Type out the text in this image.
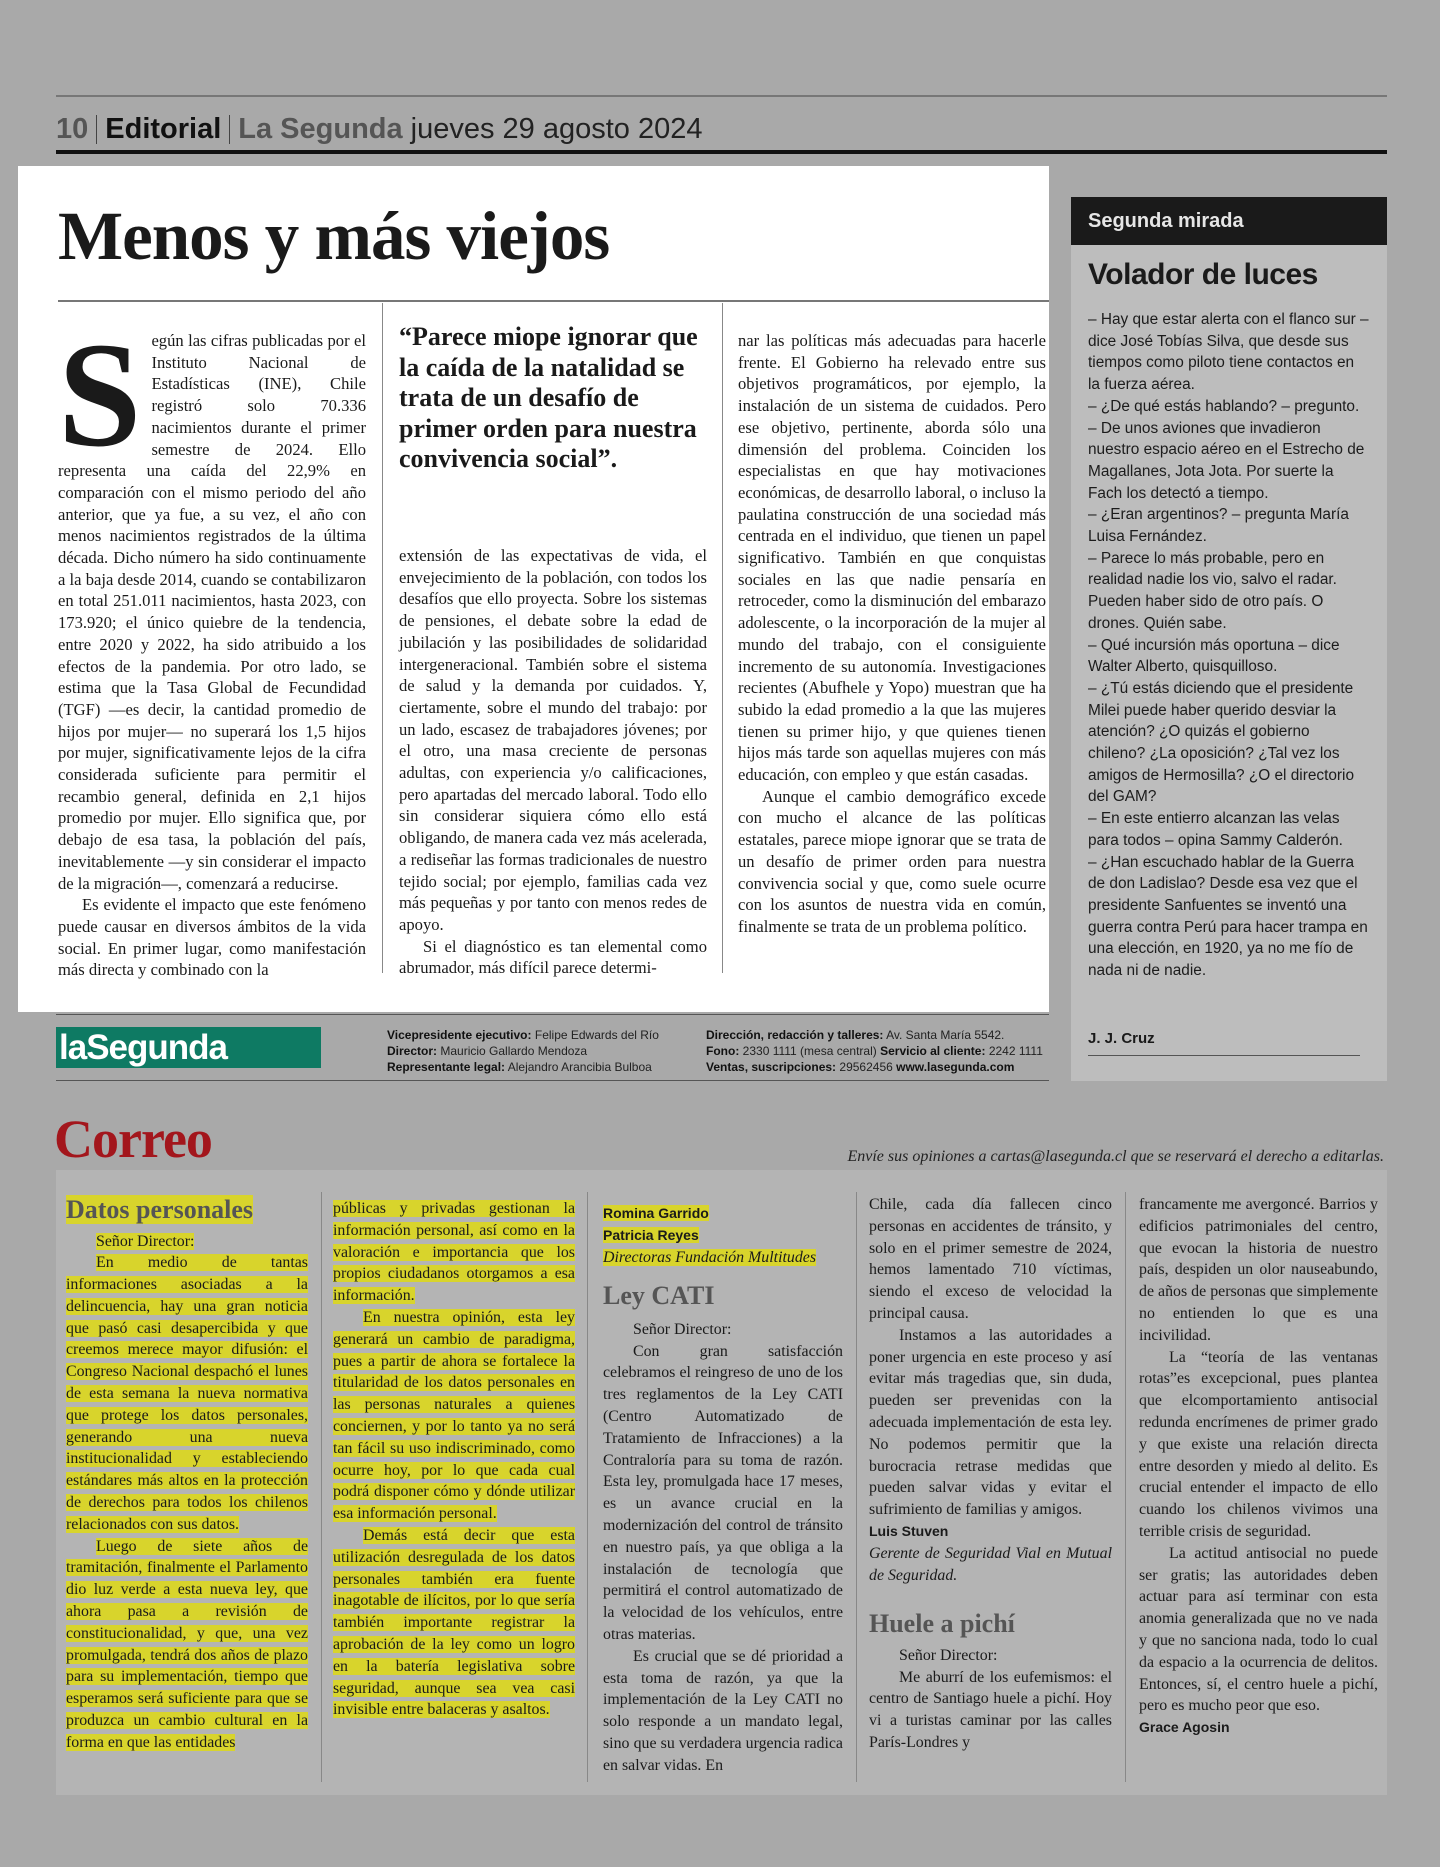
10 Editorial La Segunda jueves 29 agosto 2024
Menos y más viejos
S egún las cifras publicadas por el Instituto Nacional de Estadísticas (INE), Chile registró solo 70.336 nacimientos durante el primer semestre de 2024. Ello representa una caída del 22,9% en comparación con el mismo periodo del año anterior, que ya fue, a su vez, el año con menos nacimientos registrados de la última década. Dicho número ha sido continuamente a la baja desde 2014, cuando se contabilizaron en total 251.011 nacimientos, hasta 2023, con 173.920; el único quiebre de la tendencia, entre 2020 y 2022, ha sido atribuido a los efectos de la pandemia. Por otro lado, se estima que la Tasa Global de Fecundidad (TGF) —es decir, la cantidad promedio de hijos por mujer— no superará los 1,5 hijos por mujer, significativamente lejos de la cifra considerada suficiente para permitir el recambio general, definida en 2,1 hijos promedio por mujer. Ello significa que, por debajo de esa tasa, la población del país, inevitablemente —y sin considerar el impacto de la migración—, comenzará a reducirse.

Es evidente el impacto que este fenómeno puede causar en diversos ámbitos de la vida social. En primer lugar, como manifestación más directa y combinado con la

“Parece miope ignorar que la caída de la natalidad se trata de un desafío de primer orden para nuestra convivencia social”.

extensión de las expectativas de vida, el envejecimiento de la población, con todos los desafíos que ello proyecta. Sobre los sistemas de pensiones, el debate sobre la edad de jubilación y las posibilidades de solidaridad intergeneracional. También sobre el sistema de salud y la demanda por cuidados. Y, ciertamente, sobre el mundo del trabajo: por un lado, escasez de trabajadores jóvenes; por el otro, una masa creciente de personas adultas, con experiencia y/o calificaciones, pero apartadas del mercado laboral. Todo ello sin considerar siquiera cómo ello está obligando, de manera cada vez más acelerada, a rediseñar las formas tradicionales de nuestro tejido social; por ejemplo, familias cada vez más pequeñas y por tanto con menos redes de apoyo.

Si el diagnóstico es tan elemental como abrumador, más difícil parece determi-

nar las políticas más adecuadas para hacerle frente. El Gobierno ha relevado entre sus objetivos programáticos, por ejemplo, la instalación de un sistema de cuidados. Pero ese objetivo, pertinente, aborda sólo una dimensión del problema. Coinciden los especialistas en que hay motivaciones económicas, de desarrollo laboral, o incluso la paulatina construcción de una sociedad más centrada en el individuo, que tienen un papel significativo. También en que conquistas sociales en las que nadie pensaría en retroceder, como la disminución del embarazo adolescente, o la incorporación de la mujer al mundo del trabajo, con el consiguiente incremento de su autonomía. Investigaciones recientes (Abufhele y Yopo) muestran que ha subido la edad promedio a la que las mujeres tienen su primer hijo, y que quienes tienen hijos más tarde son aquellas mujeres con más educación, con empleo y que están casadas.

Aunque el cambio demográfico excede con mucho el alcance de las políticas estatales, parece miope ignorar que se trata de un desafío de primer orden para nuestra convivencia social y que, como suele ocurre con los asuntos de nuestra vida en común, finalmente se trata de un problema político.

laSegunda	Vicepresidente ejecutivo: Felipe Edwards del Río
Director: Mauricio Gallardo Mendoza
Representante legal: Alejandro Arancibia Bulboa
Dirección, redacción y talleres: Av. Santa María 5542.
Fono: 2330 1111 (mesa central) Servicio al cliente: 2242 1111
Ventas, suscripciones: 29562456 www.lasegunda.com
Segunda mirada
Volador de luces

– Hay que estar alerta con el flanco sur – dice José Tobías Silva, que desde sus tiempos como piloto tiene contactos en la fuerza aérea.

– ¿De qué estás hablando? – pregunto.

– De unos aviones que invadieron nuestro espacio aéreo en el Estrecho de Magallanes, Jota Jota. Por suerte la Fach los detectó a tiempo.

– ¿Eran argentinos? – pregunta María Luisa Fernández.

– Parece lo más probable, pero en realidad nadie los vio, salvo el radar. Pueden haber sido de otro país. O drones. Quién sabe.

– Qué incursión más oportuna – dice Walter Alberto, quisquilloso.

– ¿Tú estás diciendo que el presidente Milei puede haber querido desviar la atención? ¿O quizás el gobierno chileno? ¿La oposición? ¿Tal vez los amigos de Hermosilla? ¿O el directorio del GAM?

– En este entierro alcanzan las velas para todos – opina Sammy Calderón.

– ¿Han escuchado hablar de la Guerra de don Ladislao? Desde esa vez que el presidente Sanfuentes se inventó una guerra contra Perú para hacer trampa en una elección, en 1920, ya no me fío de nada ni de nadie.

J. J. Cruz
Correo	Envíe sus opiniones a cartas@lasegunda.cl que se reservará el derecho a editarlas.
Datos personales
Señor Director:

En medio de tantas informaciones asociadas a la delincuencia, hay una gran noticia que pasó casi desapercibida y que creemos merece mayor difusión: el Congreso Nacional despachó el lunes de esta semana la nueva normativa que protege los datos personales, generando una nueva institucionalidad y estableciendo estándares más altos en la protección de derechos para todos los chilenos relacionados con sus datos.

Luego de siete años de tramitación, finalmente el Parlamento dio luz verde a esta nueva ley, que ahora pasa a revisión de constitucionalidad, y que, una vez promulgada, tendrá dos años de plazo para su implementación, tiempo que esperamos será suficiente para que se produzca un cambio cultural en la forma en que las entidades

públicas y privadas gestionan la información personal, así como en la valoración e importancia que los propios ciudadanos otorgamos a esa información.

En nuestra opinión, esta ley generará un cambio de paradigma, pues a partir de ahora se fortalece la titularidad de los datos personales en las personas naturales a quienes conciernen, y por lo tanto ya no será tan fácil su uso indiscriminado, como ocurre hoy, por lo que cada cual podrá disponer cómo y dónde utilizar esa información personal.

Demás está decir que esta utilización desregulada de los datos personales también era fuente inagotable de ilícitos, por lo que sería también importante registrar la aprobación de la ley como un logro en la batería legislativa sobre seguridad, aunque sea vea casi invisible entre balaceras y asaltos.

Romina Garrido
Patricia Reyes
Directoras Fundación Multitudes
Ley CATI
Señor Director:

Con gran satisfacción celebramos el reingreso de uno de los tres reglamentos de la Ley CATI (Centro Automatizado de Tratamiento de Infracciones) a la Contraloría para su toma de razón. Esta ley, promulgada hace 17 meses, es un avance crucial en la modernización del control de tránsito en nuestro país, ya que obliga a la instalación de tecnología que permitirá el control automatizado de la velocidad de los vehículos, entre otras materias.

Es crucial que se dé prioridad a esta toma de razón, ya que la implementación de la Ley CATI no solo responde a un mandato legal, sino que su verdadera urgencia radica en salvar vidas. En

Chile, cada día fallecen cinco personas en accidentes de tránsito, y solo en el primer semestre de 2024, hemos lamentado 710 víctimas, siendo el exceso de velocidad la principal causa.

Instamos a las autoridades a poner urgencia en este proceso y así evitar más tragedias que, sin duda, pueden ser prevenidas con la adecuada implementación de esta ley. No podemos permitir que la burocracia retrase medidas que pueden salvar vidas y evitar el sufrimiento de familias y amigos.

Luis Stuven
Gerente de Seguridad Vial en Mutual de Seguridad.
Huele a pichí
Señor Director:

Me aburrí de los eufemismos: el centro de Santiago huele a pichí. Hoy vi a turistas caminar por las calles París-Londres y

francamente me avergoncé. Barrios y edificios patrimoniales del centro, que evocan la historia de nuestro país, despiden un olor nauseabundo, de años de personas que simplemente no entienden lo que es una incivilidad.

La “teoría de las ventanas rotas”es excepcional, pues plantea que elcomportamiento antisocial redunda encrímenes de primer grado y que existe una relación directa entre desorden y miedo al delito. Es crucial entender el impacto de ello cuando los chilenos vivimos una terrible crisis de seguridad.

La actitud antisocial no puede ser gratis; las autoridades deben actuar para así terminar con esta anomia generalizada que no ve nada y que no sanciona nada, todo lo cual da espacio a la ocurrencia de delitos. Entonces, sí, el centro huele a pichí, pero es mucho peor que eso.

Grace Agosin
